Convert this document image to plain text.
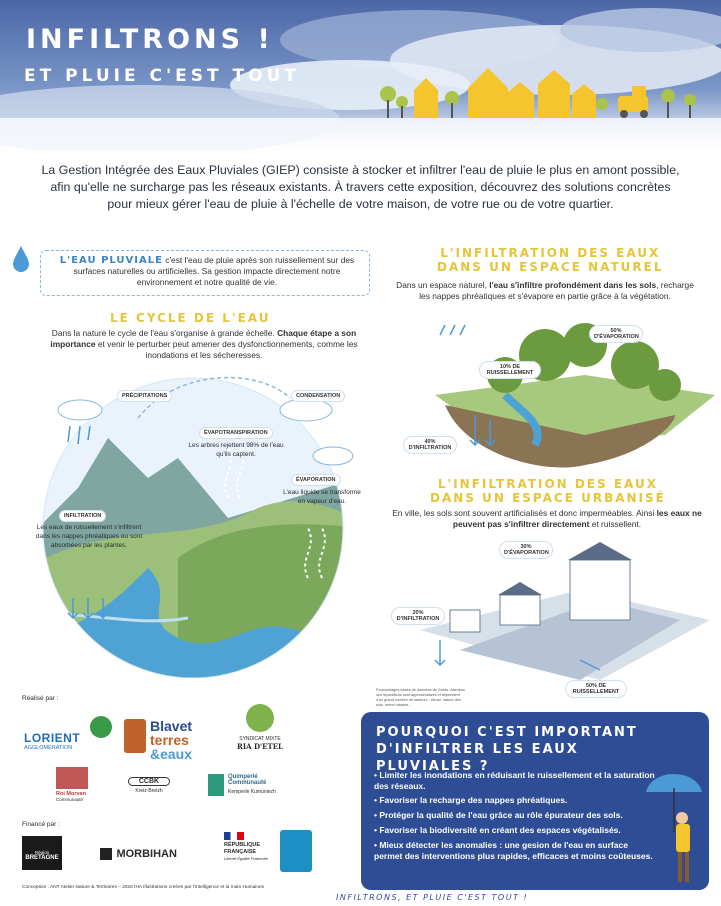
INFILTRONS !
ET PLUIE C'EST TOUT
La Gestion Intégrée des Eaux Pluviales (GIEP) consiste à stocker et infiltrer l'eau de pluie le plus en amont possible, afin qu'elle ne surcharge pas les réseaux existants. À travers cette exposition, découvrez des solutions concrètes pour mieux gérer l'eau de pluie à l'échelle de votre maison, de votre rue ou de votre quartier.
L'EAU PLUVIALE c'est l'eau de pluie après son ruissellement sur des surfaces naturelles ou artificielles. Sa gestion impacte directement notre environnement et notre qualité de vie.
LE CYCLE DE L'EAU
Dans la nature le cycle de l'eau s'organise à grande échelle. Chaque étape a son importance et venir le perturber peut amener des dysfonctionnements, comme les inondations et les sécheresses.
PRÉCIPITATIONS	CONDENSATION
ÉVAPOTRANSPIRATION
ÉVAPORATION
INFILTRATION
Les arbres rejettent 98% de l'eau qu'ils captent.
L'eau liquide se transforme en vapeur d'eau.
Les eaux de ruissellement s'infiltrent dans les nappes phréatiques ou sont absorbées par les plantes.
L'INFILTRATION DES EAUX
DANS UN ESPACE NATUREL
Dans un espace naturel, l'eau s'infiltre profondément dans les sols, recharge les nappes phréatiques et s'évapore en partie grâce à la végétation.
50% D'ÉVAPORATION
10% DE RUISSELLEMENT
40% D'INFILTRATION
L'INFILTRATION DES EAUX
DANS UN ESPACE URBANISÉ
En ville, les sols sont souvent artificialisés et donc imperméables. Ainsi les eaux ne peuvent pas s'infiltrer directement et ruissellent.
30% D'ÉVAPORATION
20% D'INFILTRATION
50% DE RUISSELLEMENT
Pourcentages basés de données de Grdds. Attention ces répartitions sont approximatives et dépendent d'un grand nombre de facteurs : climat, nature des sols, forme urbaine...
POURQUOI C'EST IMPORTANT
D'INFILTRER LES EAUX PLUVIALES ?
• Limiter les inondations en réduisant le ruissellement et la saturation des réseaux.
• Favoriser la recharge des nappes phréatiques.
• Protéger la qualité de l'eau grâce au rôle épurateur des sols.
• Favoriser la biodiversité en créant des espaces végétalisés.
• Mieux détecter les anomalies : une gesion de l'eau en surface permet des interventions plus rapides, efficaces et moins coûteuses.
Réalisé par :
LORIENT
AGGLOMÉRATION
Blavet
terres
&eaux
SYNDICAT MIXTE
RIA D'ETEL
Roi Morvan
Communauté
CCBK
Kreiz-Breizh
Quimperlé Communauté
Kemperle Kumuniezh
Financé par :
Région
BRETAGNE	MORBIHAN
RÉPUBLIQUE FRANÇAISE
Liberté Égalité Fraternité
Conception : ANT Atelier Nature & Territoires – 2025 IHA Illustrations créées par l'Intelligence et la main Humaines
INFILTRONS, ET PLUIE C'EST TOUT !
